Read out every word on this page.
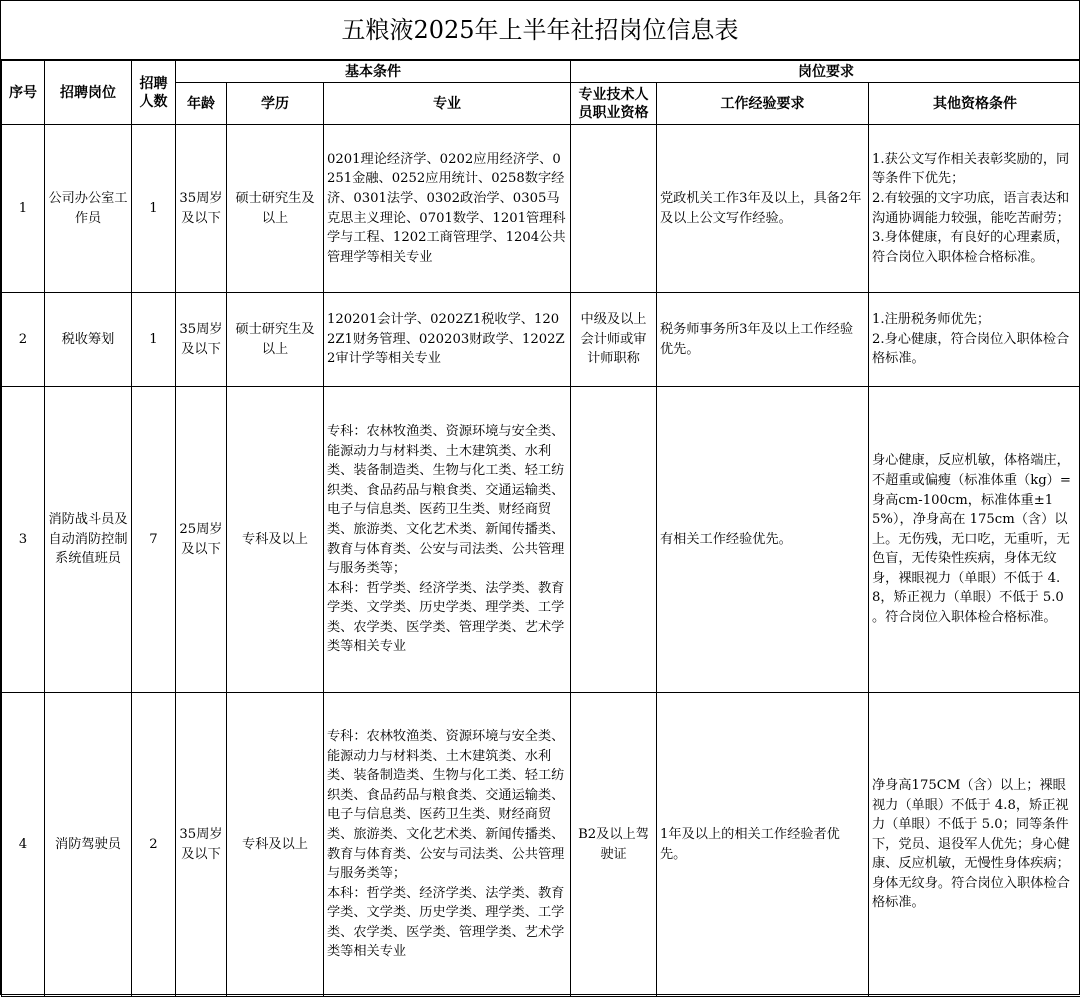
五粮液2025年上半年社招岗位信息表
序号	招聘岗位	招聘人数	基本条件			岗位要求		
			年龄	学历	专业	专业技术人员职业资格	工作经验要求	其他资格条件
1	公司办公室工作员	1	35周岁及以下	硕士研究生及以上	0201理论经济学、0202应用经济学、0251金融、0252应用统计、0258数字经济、0301法学、0302政治学、0305马克思主义理论、0701数学、1201管理科学与工程、1202工商管理学、1204公共管理学等相关专业		党政机关工作3年及以上，具备2年及以上公文写作经验。	1.获公文写作相关表彰奖励的，同等条件下优先；
2.有较强的文字功底，语言表达和沟通协调能力较强，能吃苦耐劳；
3.身体健康，有良好的心理素质，符合岗位入职体检合格标准。
2	税收筹划	1	35周岁及以下	硕士研究生及以上	120201会计学、0202Z1税收学、1202Z1财务管理、020203财政学、1202Z2审计学等相关专业	中级及以上会计师或审计师职称	税务师事务所3年及以上工作经验优先。	1.注册税务师优先；
2.身心健康，符合岗位入职体检合格标准。
3	消防战斗员及自动消防控制系统值班员	7	25周岁及以下	专科及以上	专科：农林牧渔类、资源环境与安全类、能源动力与材料类、土木建筑类、水利类、装备制造类、生物与化工类、轻工纺织类、食品药品与粮食类、交通运输类、电子与信息类、医药卫生类、财经商贸类、旅游类、文化艺术类、新闻传播类、教育与体育类、公安与司法类、公共管理与服务类等；
本科：哲学类、经济学类、法学类、教育学类、文学类、历史学类、理学类、工学类、农学类、医学类、管理学类、艺术学类等相关专业		有相关工作经验优先。	身心健康，反应机敏，体格端庄，不超重或偏瘦（标准体重（kg）=身高cm-100cm，标准体重±15%），净身高在 175cm（含）以上。无伤残，无口吃，无重听，无色盲，无传染性疾病，身体无纹身，裸眼视力（单眼）不低于 4.8，矫正视力（单眼）不低于 5.0 。符合岗位入职体检合格标准。
4	消防驾驶员	2	35周岁及以下	专科及以上	专科：农林牧渔类、资源环境与安全类、能源动力与材料类、土木建筑类、水利类、装备制造类、生物与化工类、轻工纺织类、食品药品与粮食类、交通运输类、电子与信息类、医药卫生类、财经商贸类、旅游类、文化艺术类、新闻传播类、教育与体育类、公安与司法类、公共管理与服务类等；
本科：哲学类、经济学类、法学类、教育学类、文学类、历史学类、理学类、工学类、农学类、医学类、管理学类、艺术学类等相关专业	B2及以上驾驶证	1年及以上的相关工作经验者优先。	净身高175CM（含）以上；裸眼视力（单眼）不低于 4.8，矫正视力（单眼）不低于 5.0；同等条件下，党员、退役军人优先；身心健康、反应机敏，无慢性身体疾病；身体无纹身。符合岗位入职体检合格标准。
